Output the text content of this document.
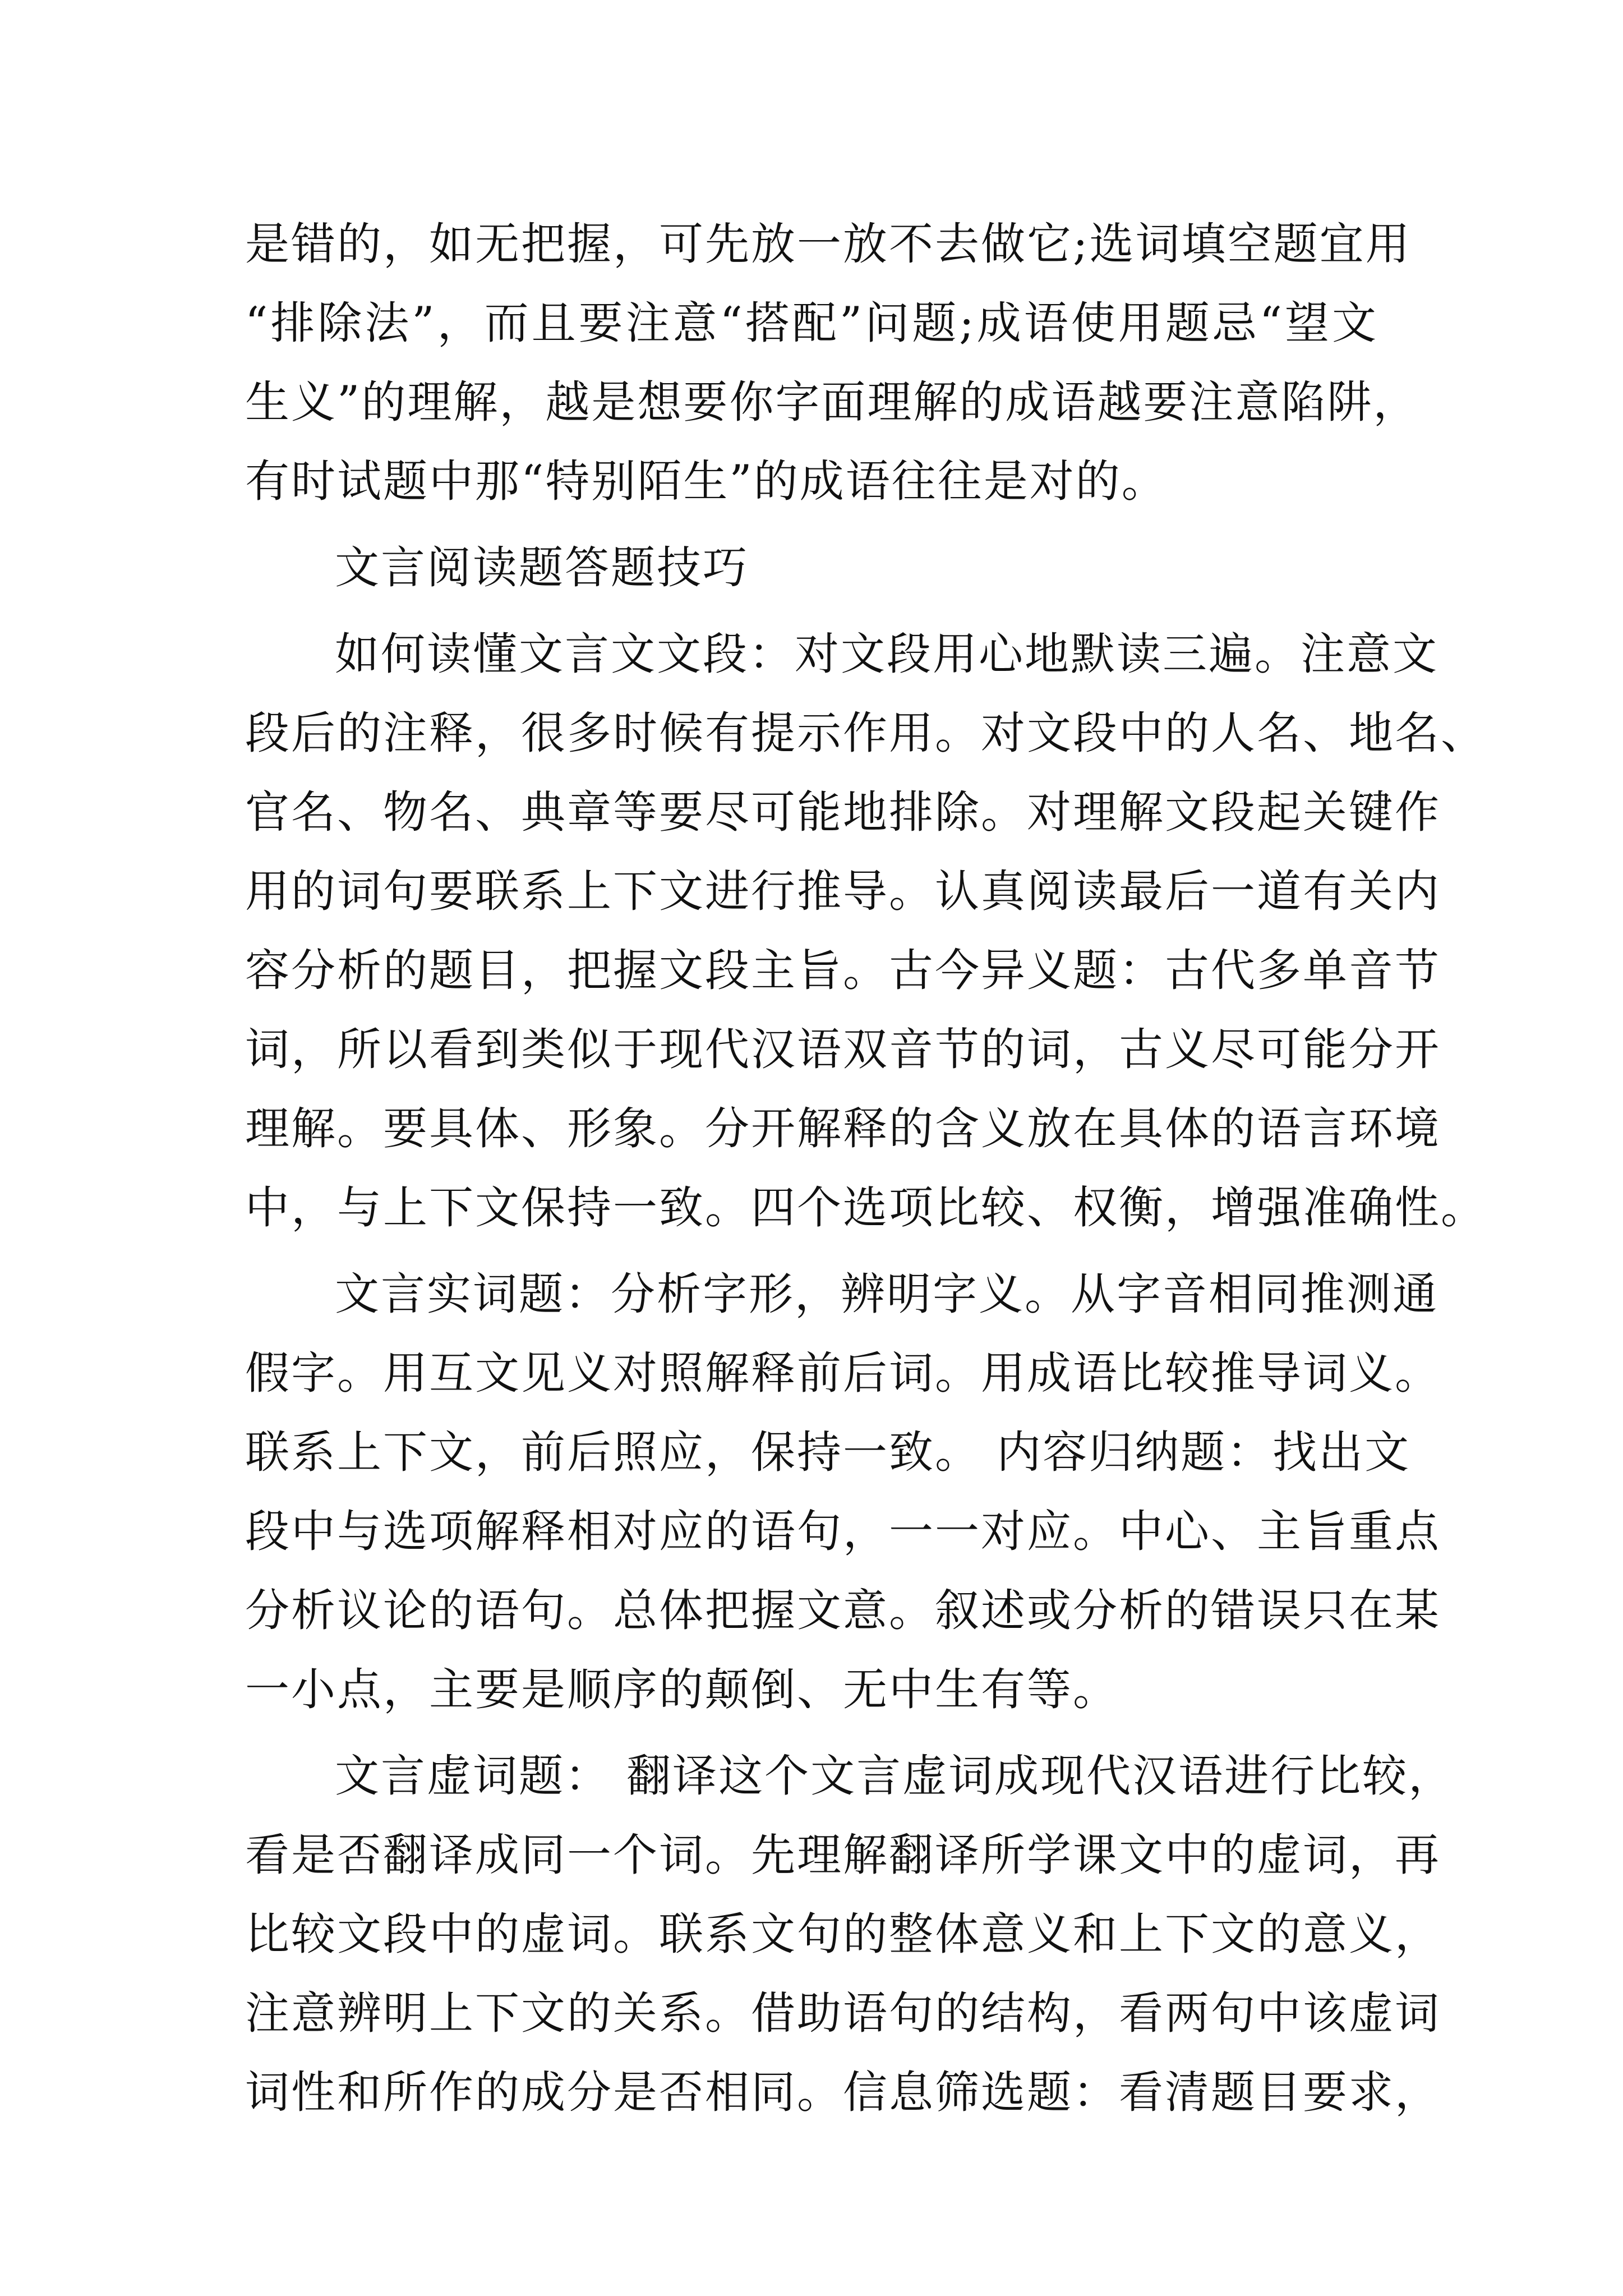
是错的，如无把握，可先放一放不去做它;选词填空题宜用
“排除法”，而且要注意“搭配”问题;成语使用题忌“望文
生义”的理解，越是想要你字面理解的成语越要注意陷阱，
有时试题中那“特别陌生”的成语往往是对的。
文言阅读题答题技巧
如何读懂文言文文段：对文段用心地默读三遍。注意文
段后的注释，很多时候有提示作用。对文段中的人名、地名、
官名、物名、典章等要尽可能地排除。对理解文段起关键作
用的词句要联系上下文进行推导。认真阅读最后一道有关内
容分析的题目，把握文段主旨。古今异义题：古代多单音节
词，所以看到类似于现代汉语双音节的词，古义尽可能分开
理解。要具体、形象。分开解释的含义放在具体的语言环境
中，与上下文保持一致。四个选项比较、权衡，增强准确性。
文言实词题：分析字形，辨明字义。从字音相同推测通
假字。用互文见义对照解释前后词。用成语比较推导词义。
联系上下文，前后照应，保持一致。 内容归纳题：找出文
段中与选项解释相对应的语句，一一对应。中心、主旨重点
分析议论的语句。总体把握文意。叙述或分析的错误只在某
一小点，主要是顺序的颠倒、无中生有等。
文言虚词题： 翻译这个文言虚词成现代汉语进行比较，
看是否翻译成同一个词。先理解翻译所学课文中的虚词，再
比较文段中的虚词。联系文句的整体意义和上下文的意义，
注意辨明上下文的关系。借助语句的结构，看两句中该虚词
词性和所作的成分是否相同。信息筛选题：看清题目要求，
